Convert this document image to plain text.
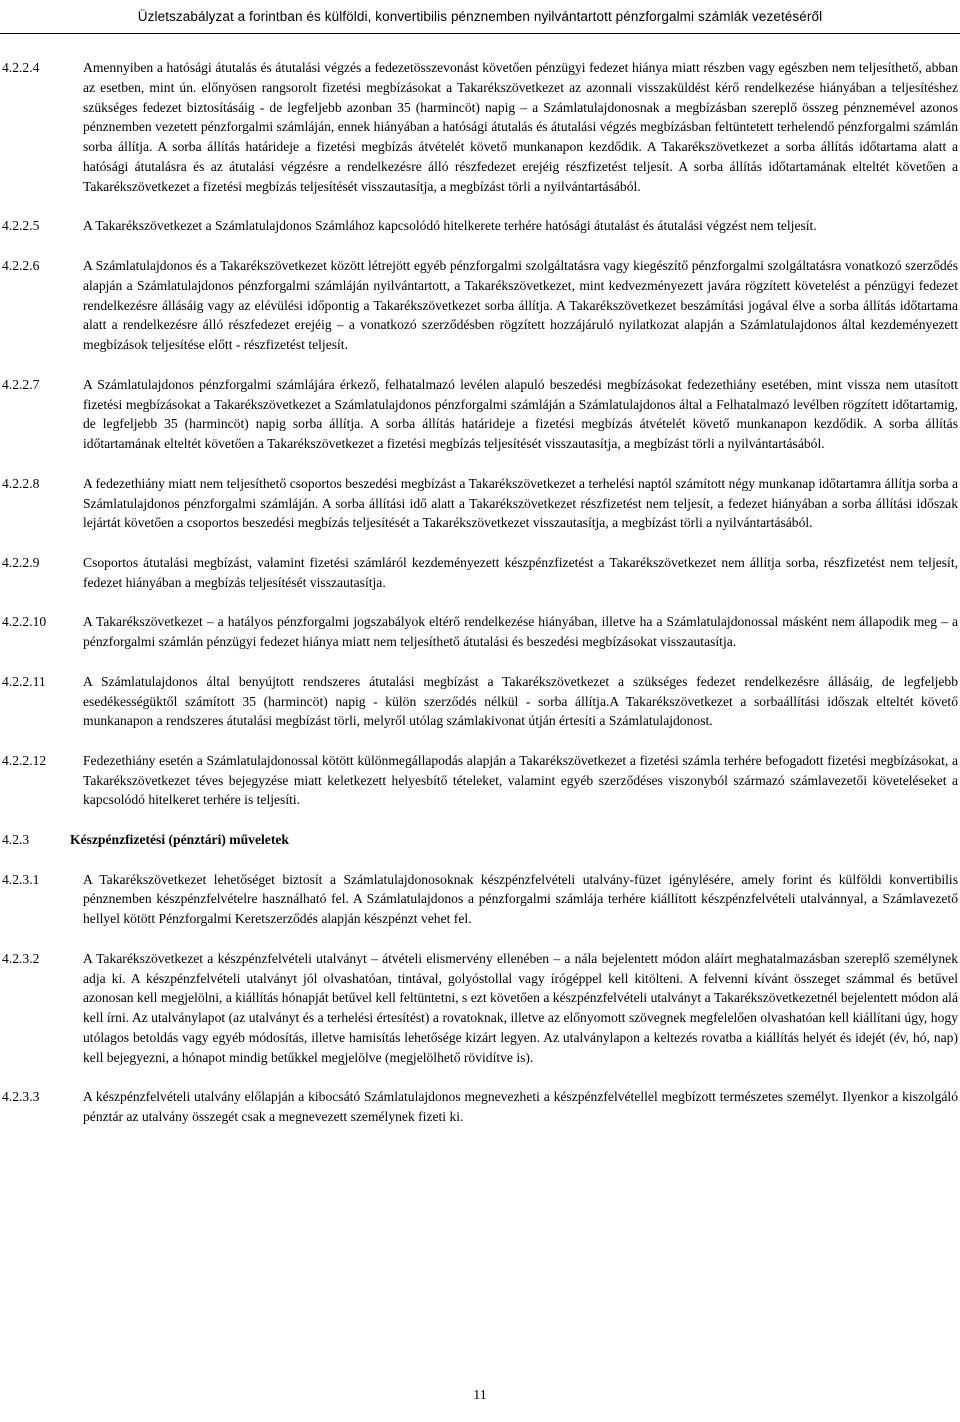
Üzletszabályzat a forintban és külföldi, konvertibilis pénznemben nyilvántartott pénzforgalmi számlák vezetéséről
4.2.2.4	Amennyiben a hatósági átutalás és átutalási végzés a fedezetösszevonást követően pénzügyi fedezet hiánya miatt részben vagy egészben nem teljesíthető, abban az esetben, mint ún. előnyösen rangsorolt fizetési megbízásokat a Takarékszövetkezet az azonnali visszaküldést kérő rendelkezése hiányában a teljesítéshez szükséges fedezet biztosításáig - de legfeljebb azonban 35 (harmincöt) napig – a Számlatulajdonosnak a megbízásban szereplő összeg pénznemével azonos pénznemben vezetett pénzforgalmi számláján, ennek hiányában a hatósági átutalás és átutalási végzés megbízásban feltüntetett terhelendő pénzforgalmi számlán sorba állítja. A sorba állítás határideje a fizetési megbízás átvételét követő munkanapon kezdődik. A Takarékszövetkezet a sorba állítás időtartama alatt a hatósági átutalásra és az átutalási végzésre a rendelkezésre álló részfedezet erejéig részfizetést teljesít. A sorba állítás időtartamának elteltét követően a Takarékszövetkezet a fizetési megbízás teljesítését visszautasítja, a megbízást törli a nyilvántartásából.
4.2.2.5	A Takarékszövetkezet a Számlatulajdonos Számlához kapcsolódó hitelkerete terhére hatósági átutalást és átutalási végzést nem teljesít.
4.2.2.6	A Számlatulajdonos és a Takarékszövetkezet között létrejött egyéb pénzforgalmi szolgáltatásra vagy kiegészítő pénzforgalmi szolgáltatásra vonatkozó szerződés alapján a Számlatulajdonos pénzforgalmi számláján nyilvántartott, a Takarékszövetkezet, mint kedvezményezett javára rögzített követelést a pénzügyi fedezet rendelkezésre állásáig vagy az elévülési időpontig a Takarékszövetkezet sorba állítja. A Takarékszövetkezet beszámítási jogával élve a sorba állítás időtartama alatt a rendelkezésre álló részfedezet erejéig – a vonatkozó szerződésben rögzített hozzájáruló nyilatkozat alapján a Számlatulajdonos által kezdeményezett megbízások teljesítése előtt - részfizetést teljesít.
4.2.2.7	A Számlatulajdonos pénzforgalmi számlájára érkező, felhatalmazó levélen alapuló beszedési megbízásokat fedezethiány esetében, mint vissza nem utasított fizetési megbízásokat a Takarékszövetkezet a Számlatulajdonos pénzforgalmi számláján a Számlatulajdonos által a Felhatalmazó levélben rögzített időtartamig, de legfeljebb 35 (harmincöt) napig sorba állítja. A sorba állítás határideje a fizetési megbízás átvételét követő munkanapon kezdődik. A sorba állítás időtartamának elteltét követően a Takarékszövetkezet a fizetési megbízás teljesítését visszautasítja, a megbízást törli a nyilvántartásából.
4.2.2.8	A fedezethiány miatt nem teljesíthető csoportos beszedési megbízást a Takarékszövetkezet a terhelési naptól számított négy munkanap időtartamra állítja sorba a Számlatulajdonos pénzforgalmi számláján. A sorba állítási idő alatt a Takarékszövetkezet részfizetést nem teljesít, a fedezet hiányában a sorba állítási időszak lejártát követően a csoportos beszedési megbízás teljesítését a Takarékszövetkezet visszautasítja, a megbízást törli a nyilvántartásából.
4.2.2.9	Csoportos átutalási megbízást, valamint fizetési számláról kezdeményezett készpénzfizetést a Takarékszövetkezet nem állítja sorba, részfizetést nem teljesít, fedezet hiányában a megbízás teljesítését visszautasítja.
4.2.2.10	A Takarékszövetkezet – a hatályos pénzforgalmi jogszabályok eltérő rendelkezése hiányában, illetve ha a Számlatulajdonossal másként nem állapodik meg – a pénzforgalmi számlán pénzügyi fedezet hiánya miatt nem teljesíthető átutalási és beszedési megbízásokat visszautasítja.
4.2.2.11	A Számlatulajdonos által benyújtott rendszeres átutalási megbízást a Takarékszövetkezet a szükséges fedezet rendelkezésre állásáig, de legfeljebb esedékességüktől számított 35 (harmincöt) napig - külön szerződés nélkül - sorba állítja.A Takarékszövetkezet a sorbaállítási időszak elteltét követő munkanapon a rendszeres átutalási megbízást törli, melyről utólag számlakivonat útján értesíti a Számlatulajdonost.
4.2.2.12	Fedezethiány esetén a Számlatulajdonossal kötött különmegállapodás alapján a Takarékszövetkezet a fizetési számla terhére befogadott fizetési megbízásokat, a Takarékszövetkezet téves bejegyzése miatt keletkezett helyesbítő tételeket, valamint egyéb szerződéses viszonyból származó számlavezetői követeléseket a kapcsolódó hitelkeret terhére is teljesíti.
4.2.3	Készpénzfizetési (pénztári) műveletek
4.2.3.1	A Takarékszövetkezet lehetőséget biztosít a Számlatulajdonosoknak készpénzfelvételi utalvány-füzet igénylésére, amely forint és külföldi konvertibilis pénznemben készpénzfelvételre használható fel. A Számlatulajdonos a pénzforgalmi számlája terhére kiállított készpénzfelvételi utalvánnyal, a Számlavezető hellyel kötött Pénzforgalmi Keretszerződés alapján készpénzt vehet fel.
4.2.3.2	A Takarékszövetkezet a készpénzfelvételi utalványt – átvételi elismervény ellenében – a nála bejelentett módon aláírt meghatalmazásban szereplő személynek adja ki. A készpénzfelvételi utalványt jól olvashatóan, tintával, golyóstollal vagy írógéppel kell kitölteni. A felvenni kívánt összeget számmal és betűvel azonosan kell megjelölni, a kiállítás hónapját betűvel kell feltüntetni, s ezt követően a készpénzfelvételi utalványt a Takarékszövetkezetnél bejelentett módon alá kell írni. Az utalványlapot (az utalványt és a terhelési értesítést) a rovatoknak, illetve az előnyomott szövegnek megfelelően olvashatóan kell kiállítani úgy, hogy utólagos betoldás vagy egyéb módosítás, illetve hamisítás lehetősége kizárt legyen. Az utalványlapon a keltezés rovatba a kiállítás helyét és idejét (év, hó, nap) kell bejegyezni, a hónapot mindig betűkkel megjelölve (megjelölhető rövidítve is).
4.2.3.3	A készpénzfelvételi utalvány előlapján a kibocsátó Számlatulajdonos megnevezheti a készpénzfelvétellel megbízott természetes személyt. Ilyenkor a kiszolgáló pénztár az utalvány összegét csak a megnevezett személynek fizeti ki.
11
